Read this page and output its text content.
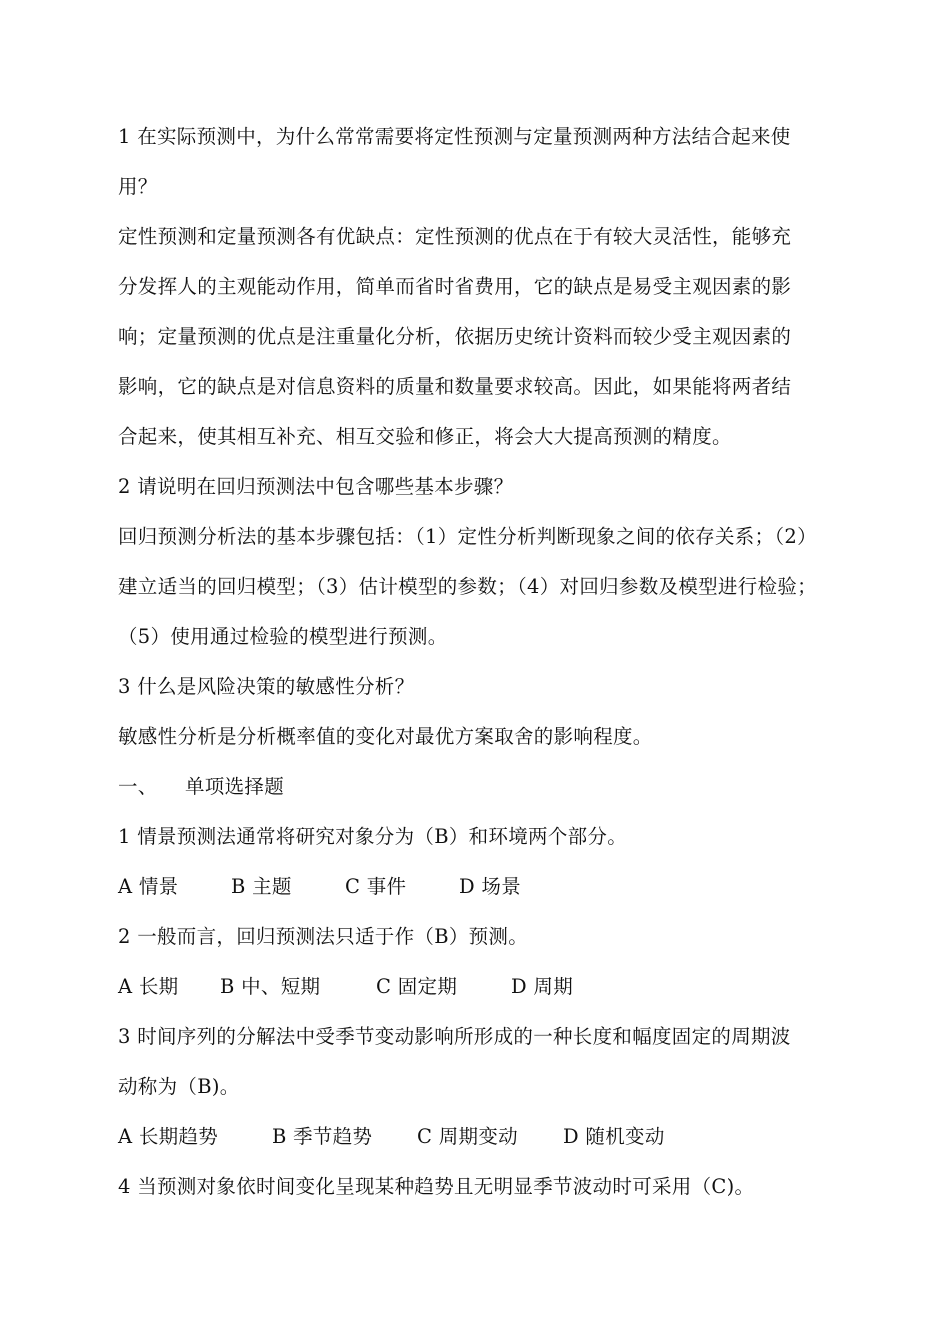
1 在实际预测中，为什么常常需要将定性预测与定量预测两种方法结合起来使
用？
定性预测和定量预测各有优缺点：定性预测的优点在于有较大灵活性，能够充
分发挥人的主观能动作用，简单而省时省费用，它的缺点是易受主观因素的影
响；定量预测的优点是注重量化分析，依据历史统计资料而较少受主观因素的
影响，它的缺点是对信息资料的质量和数量要求较高。因此，如果能将两者结
合起来，使其相互补充、相互交验和修正，将会大大提高预测的精度。
2 请说明在回归预测法中包含哪些基本步骤？
回归预测分析法的基本步骤包括：（1）定性分析判断现象之间的依存关系；（2）
建立适当的回归模型；（3）估计模型的参数；（4）对回归参数及模型进行检验；
（5）使用通过检验的模型进行预测。
3 什么是风险决策的敏感性分析？
敏感性分析是分析概率值的变化对最优方案取舍的影响程度。
一、 单项选择题
1 情景预测法通常将研究对象分为（B）和环境两个部分。
A 情景	B 主题	C 事件	D 场景
2 一般而言，回归预测法只适于作（B）预测。
A 长期	B 中、短期	C 固定期	D 周期
3 时间序列的分解法中受季节变动影响所形成的一种长度和幅度固定的周期波
动称为（B)。
A 长期趋势	B 季节趋势	C 周期变动	D 随机变动
4 当预测对象依时间变化呈现某种趋势且无明显季节波动时可采用（C)。
